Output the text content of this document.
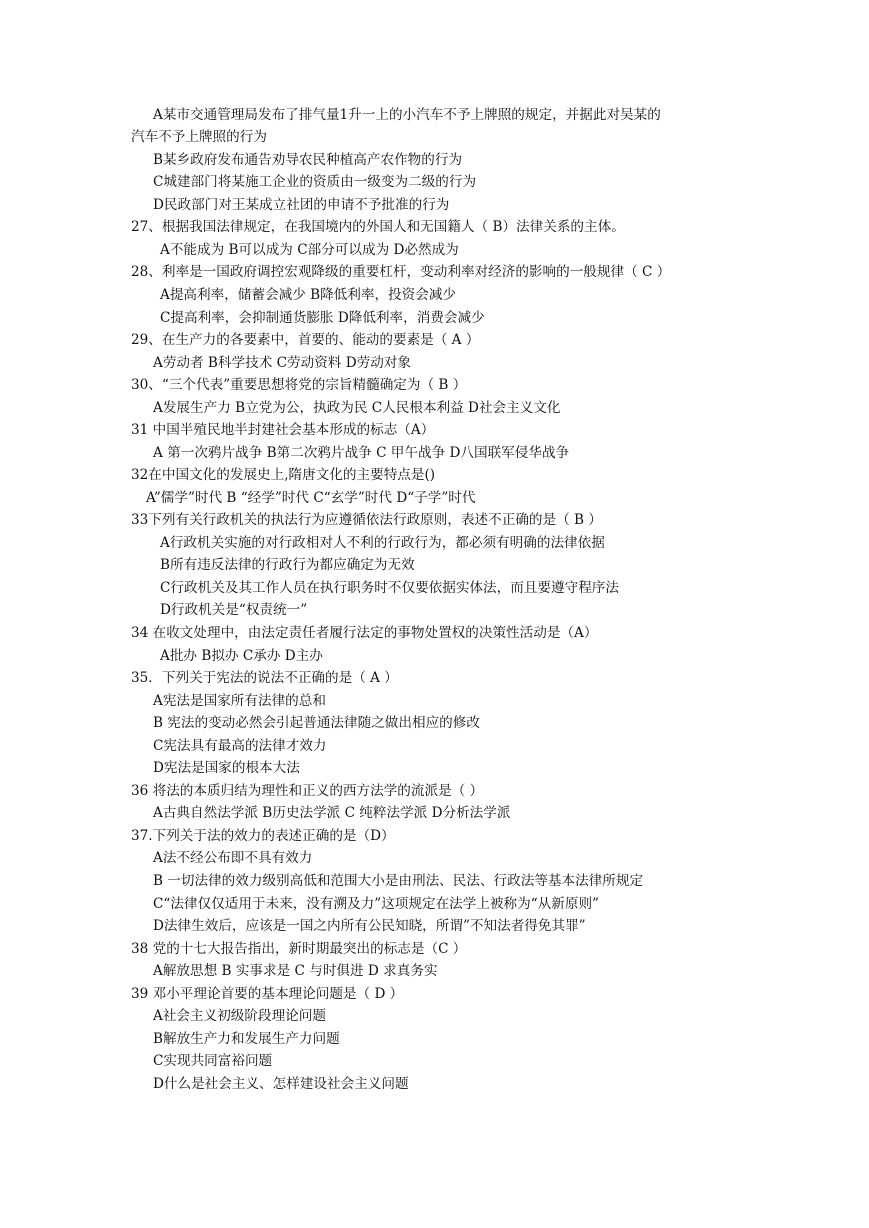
A某市交通管理局发布了排气量1升一上的小汽车不予上牌照的规定，并据此对吴某的
汽车不予上牌照的行为
B某乡政府发布通告劝导农民种植高产农作物的行为
C城建部门将某施工企业的资质由一级变为二级的行为
D民政部门对王某成立社团的申请不予批准的行为
27、根据我国法律规定，在我国境内的外国人和无国籍人（ B）法律关系的主体。
A不能成为 B可以成为 C部分可以成为 D必然成为
28、利率是一国政府调控宏观降级的重要杠杆，变动利率对经济的影响的一般规律（ C ）
A提高利率，储蓄会减少 B降低利率，投资会减少
C提高利率，会抑制通货膨胀 D降低利率，消费会减少
29、在生产力的各要素中，首要的、能动的要素是（ A ）
A劳动者 B科学技术 C劳动资料 D劳动对象
30、“三个代表”重要思想将党的宗旨精髓确定为（ B ）
A发展生产力 B立党为公，执政为民 C人民根本利益 D社会主义文化
31 中国半殖民地半封建社会基本形成的标志（A）
A 第一次鸦片战争 B第二次鸦片战争 C 甲午战争 D八国联军侵华战争
32在中国文化的发展史上,隋唐文化的主要特点是()
A”儒学”时代 B “经学”时代 C“玄学”时代 D“子学”时代
33下列有关行政机关的执法行为应遵循依法行政原则，表述不正确的是（ B ）
A行政机关实施的对行政相对人不利的行政行为，都必须有明确的法律依据
B所有违反法律的行政行为都应确定为无效
C行政机关及其工作人员在执行职务时不仅要依据实体法，而且要遵守程序法
D行政机关是“权责统一”
34 在收文处理中，由法定责任者履行法定的事物处置权的决策性活动是（A）
A批办 B拟办 C承办 D主办
35．下列关于宪法的说法不正确的是（ A ）
A宪法是国家所有法律的总和
B 宪法的变动必然会引起普通法律随之做出相应的修改
C宪法具有最高的法律才效力
D宪法是国家的根本大法
36 将法的本质归结为理性和正义的西方法学的流派是（ ）
A古典自然法学派 B历史法学派 C 纯粹法学派 D分析法学派
37.下列关于法的效力的表述正确的是（D）
A法不经公布即不具有效力
B 一切法律的效力级别高低和范围大小是由刑法、民法、行政法等基本法律所规定
C“法律仅仅适用于未来，没有溯及力”这项规定在法学上被称为“从新原则”
D法律生效后，应该是一国之内所有公民知晓，所谓”不知法者得免其罪”
38 党的十七大报告指出，新时期最突出的标志是（C ）
A解放思想 B 实事求是 C 与时俱进 D 求真务实
39 邓小平理论首要的基本理论问题是（ D ）
A社会主义初级阶段理论问题
B解放生产力和发展生产力问题
C实现共同富裕问题
D什么是社会主义、怎样建设社会主义问题
